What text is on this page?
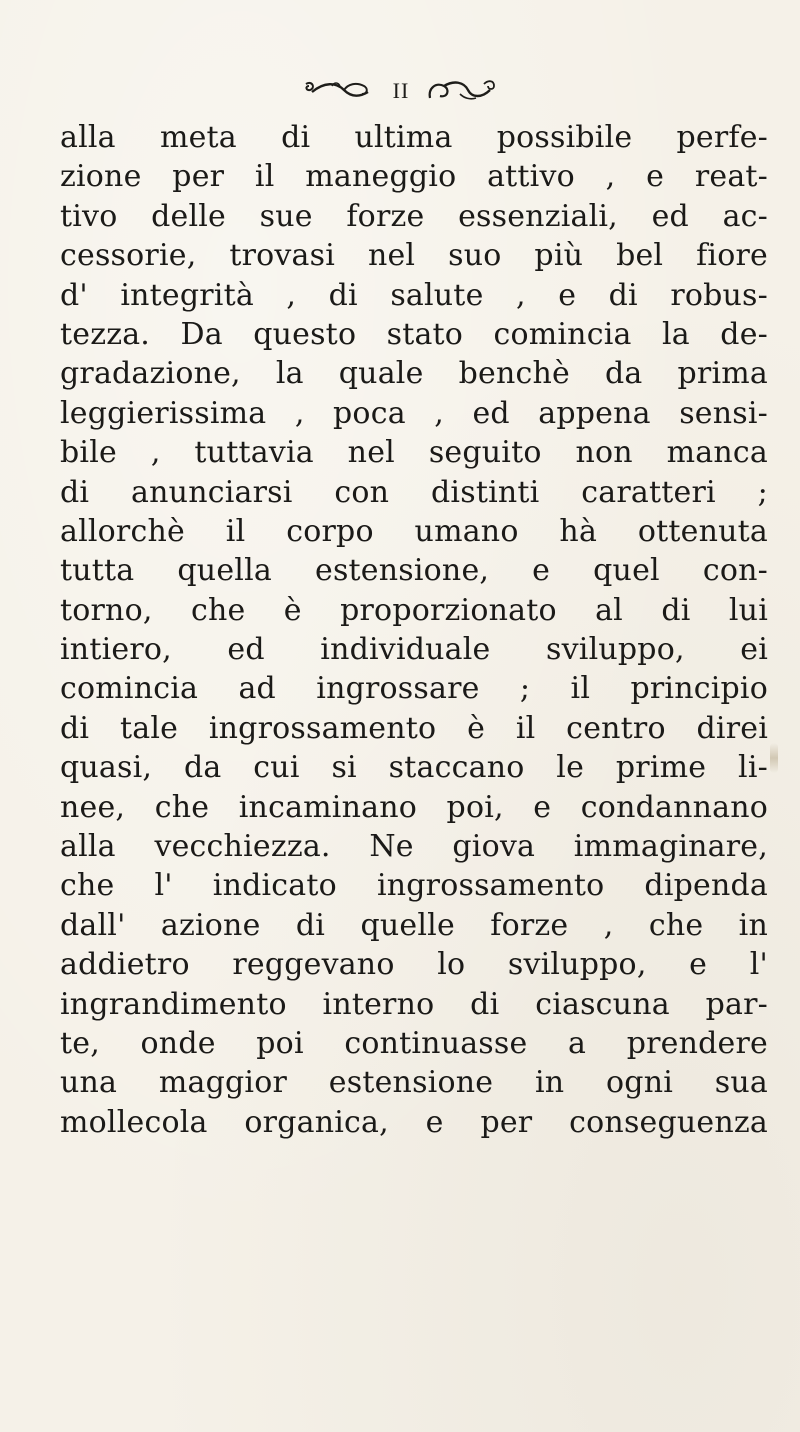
II
alla meta di ultima possibile perfe-
zione per il maneggio attivo , e reat-
tivo delle sue forze essenziali, ed ac-
cessorie, trovasi nel suo più bel fiore
d' integrità , di salute , e di robus-
tezza. Da questo stato comincia la de-
gradazione, la quale benchè da prima
leggierissima , poca , ed appena sensi-
bile , tuttavia nel seguito non manca
di anunciarsi con distinti caratteri ;
allorchè il corpo umano hà ottenuta
tutta quella estensione, e quel con-
torno, che è proporzionato al di lui
intiero, ed individuale sviluppo, ei
comincia ad ingrossare ; il principio
di tale ingrossamento è il centro direi
quasi, da cui si staccano le prime li-
nee, che incaminano poi, e condannano
alla vecchiezza. Ne giova immaginare,
che l' indicato ingrossamento dipenda
dall' azione di quelle forze , che in
addietro reggevano lo sviluppo, e l'
ingrandimento interno di ciascuna par-
te, onde poi continuasse a prendere
una maggior estensione in ogni sua
mollecola organica, e per conseguenza
